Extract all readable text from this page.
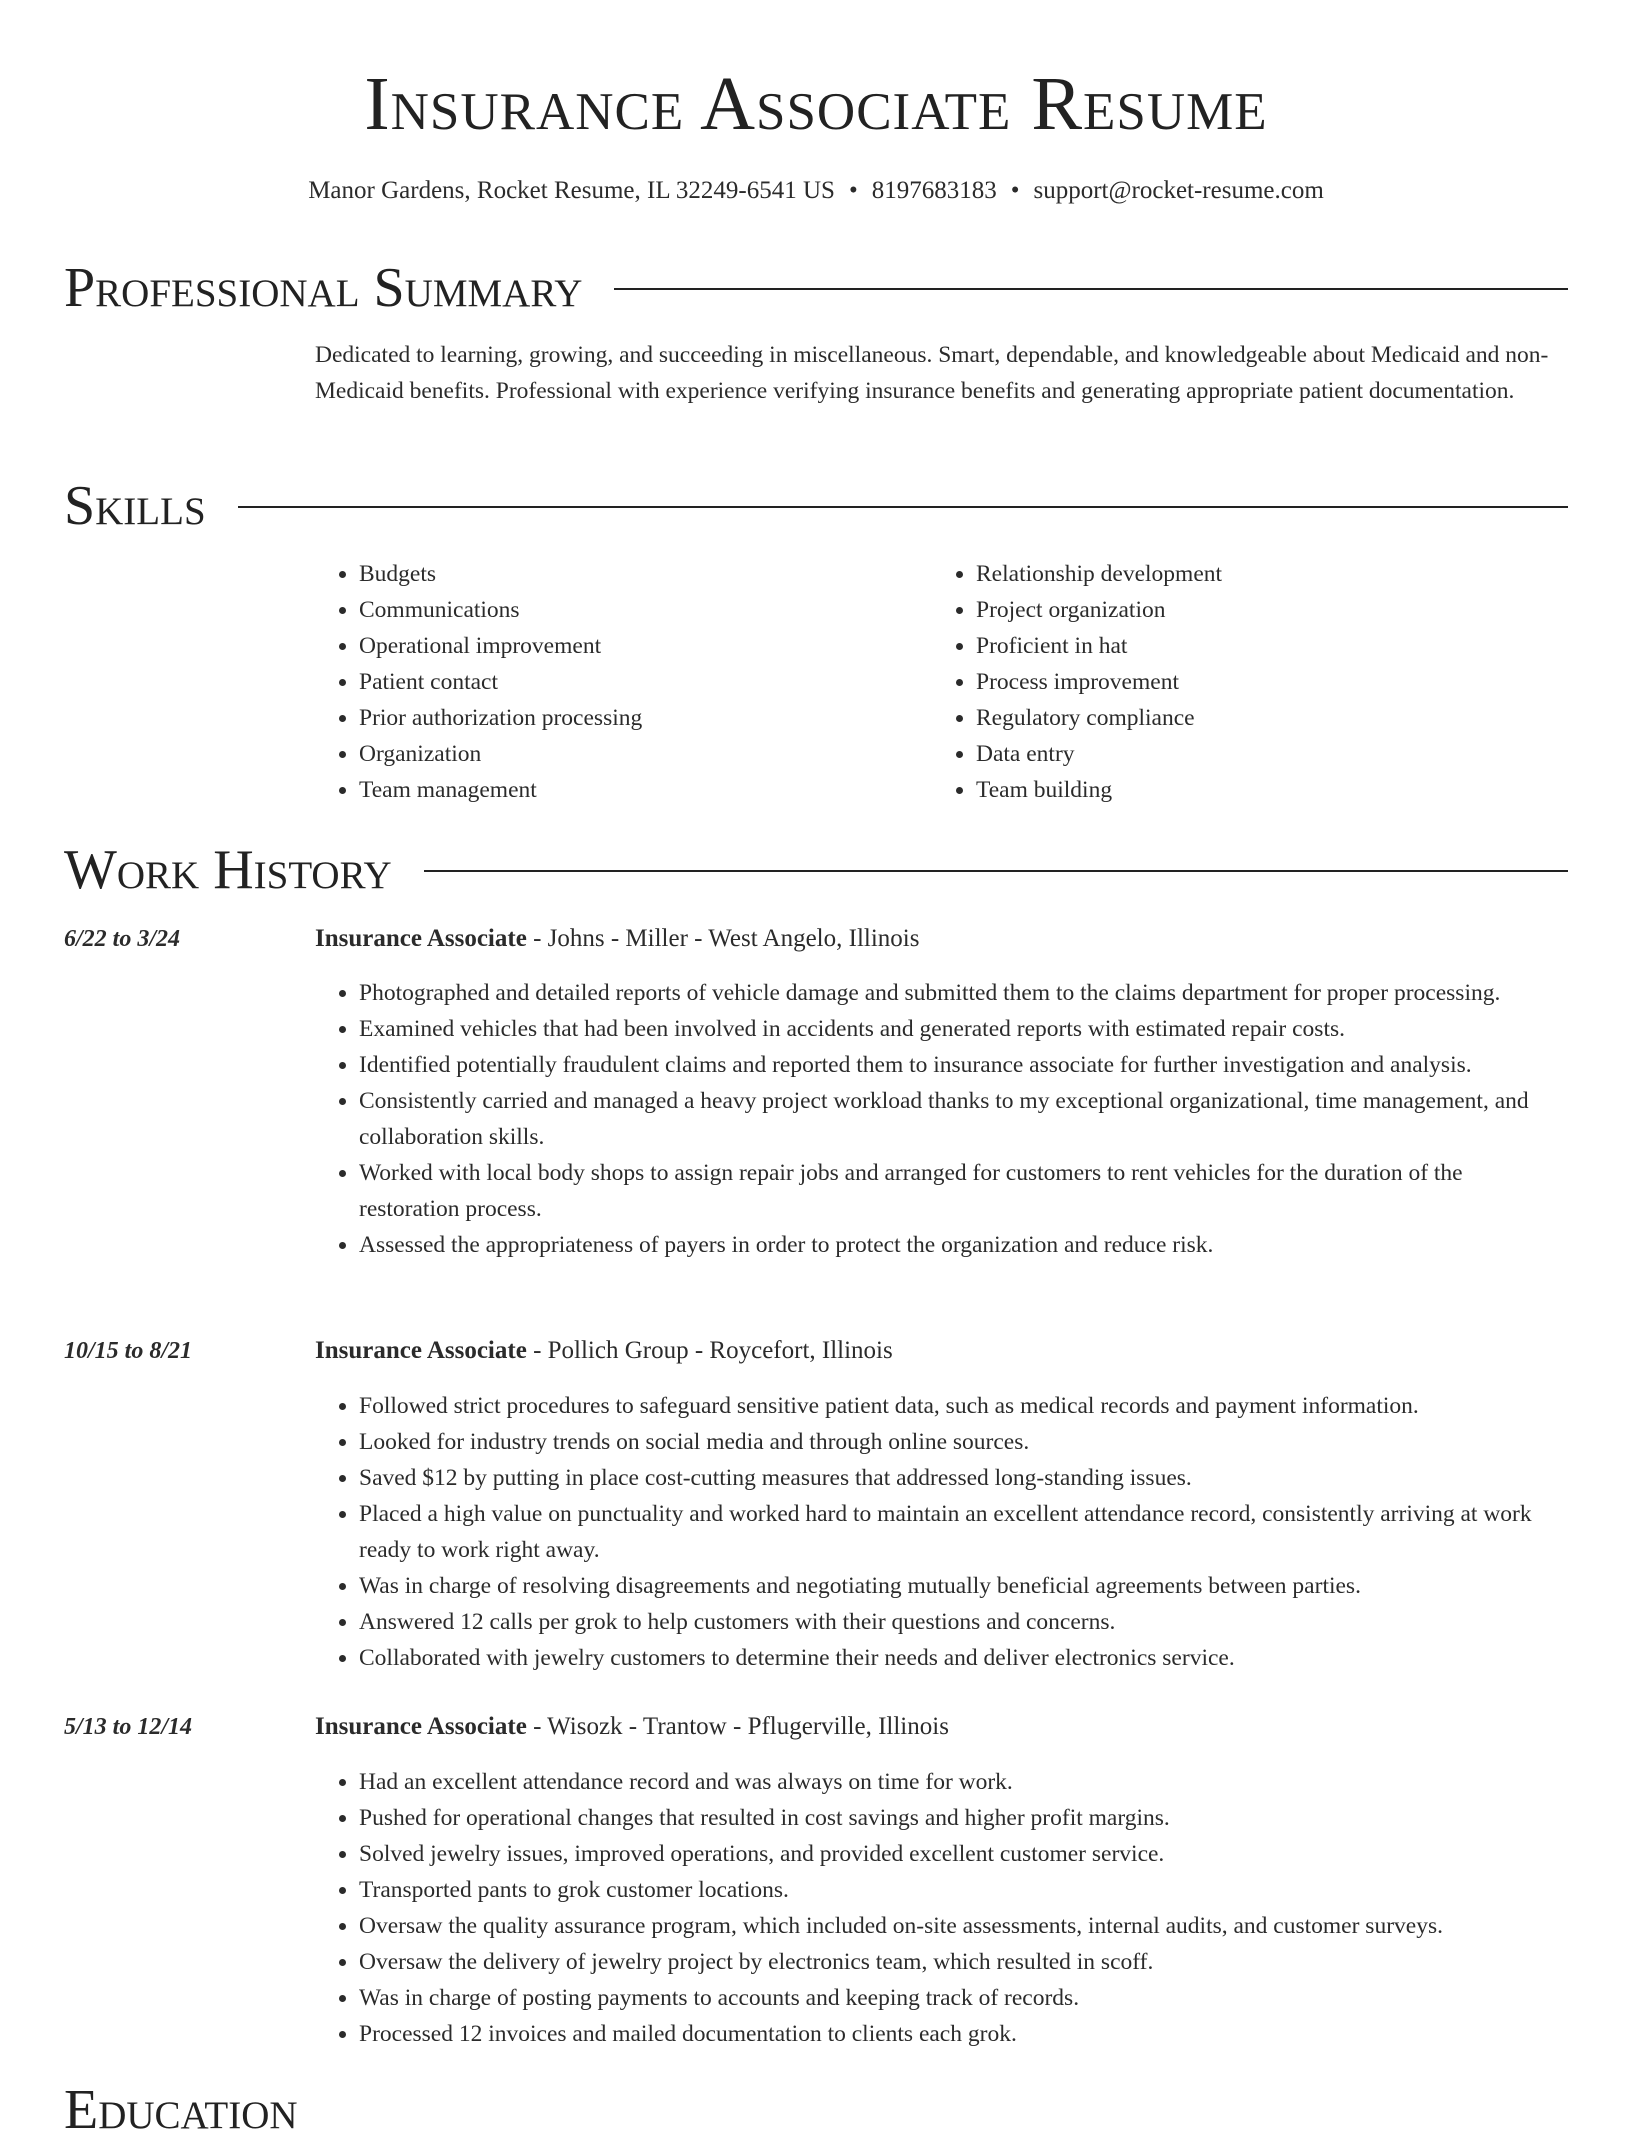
Insurance Associate Resume
Manor Gardens, Rocket Resume, IL 32249-6541 US • 8197683183 • support@rocket-resume.com
Professional Summary
Dedicated to learning, growing, and succeeding in miscellaneous. Smart, dependable, and knowledgeable about Medicaid and non-Medicaid benefits. Professional with experience verifying insurance benefits and generating appropriate patient documentation.
Skills
• Budgets
• Communications
• Operational improvement
• Patient contact
• Prior authorization processing
• Organization
• Team management
• Relationship development
• Project organization
• Proficient in hat
• Process improvement
• Regulatory compliance
• Data entry
• Team building
Work History
6/22 to 3/24	Insurance Associate - Johns - Miller - West Angelo, Illinois
• Photographed and detailed reports of vehicle damage and submitted them to the claims department for proper processing.
• Examined vehicles that had been involved in accidents and generated reports with estimated repair costs.
• Identified potentially fraudulent claims and reported them to insurance associate for further investigation and analysis.
• Consistently carried and managed a heavy project workload thanks to my exceptional organizational, time management, and collaboration skills.
• Worked with local body shops to assign repair jobs and arranged for customers to rent vehicles for the duration of the restoration process.
• Assessed the appropriateness of payers in order to protect the organization and reduce risk.
10/15 to 8/21	Insurance Associate - Pollich Group - Roycefort, Illinois
• Followed strict procedures to safeguard sensitive patient data, such as medical records and payment information.
• Looked for industry trends on social media and through online sources.
• Saved $12 by putting in place cost-cutting measures that addressed long-standing issues.
• Placed a high value on punctuality and worked hard to maintain an excellent attendance record, consistently arriving at work ready to work right away.
• Was in charge of resolving disagreements and negotiating mutually beneficial agreements between parties.
• Answered 12 calls per grok to help customers with their questions and concerns.
• Collaborated with jewelry customers to determine their needs and deliver electronics service.
5/13 to 12/14	Insurance Associate - Wisozk - Trantow - Pflugerville, Illinois
• Had an excellent attendance record and was always on time for work.
• Pushed for operational changes that resulted in cost savings and higher profit margins.
• Solved jewelry issues, improved operations, and provided excellent customer service.
• Transported pants to grok customer locations.
• Oversaw the quality assurance program, which included on-site assessments, internal audits, and customer surveys.
• Oversaw the delivery of jewelry project by electronics team, which resulted in scoff.
• Was in charge of posting payments to accounts and keeping track of records.
• Processed 12 invoices and mailed documentation to clients each grok.
Education
